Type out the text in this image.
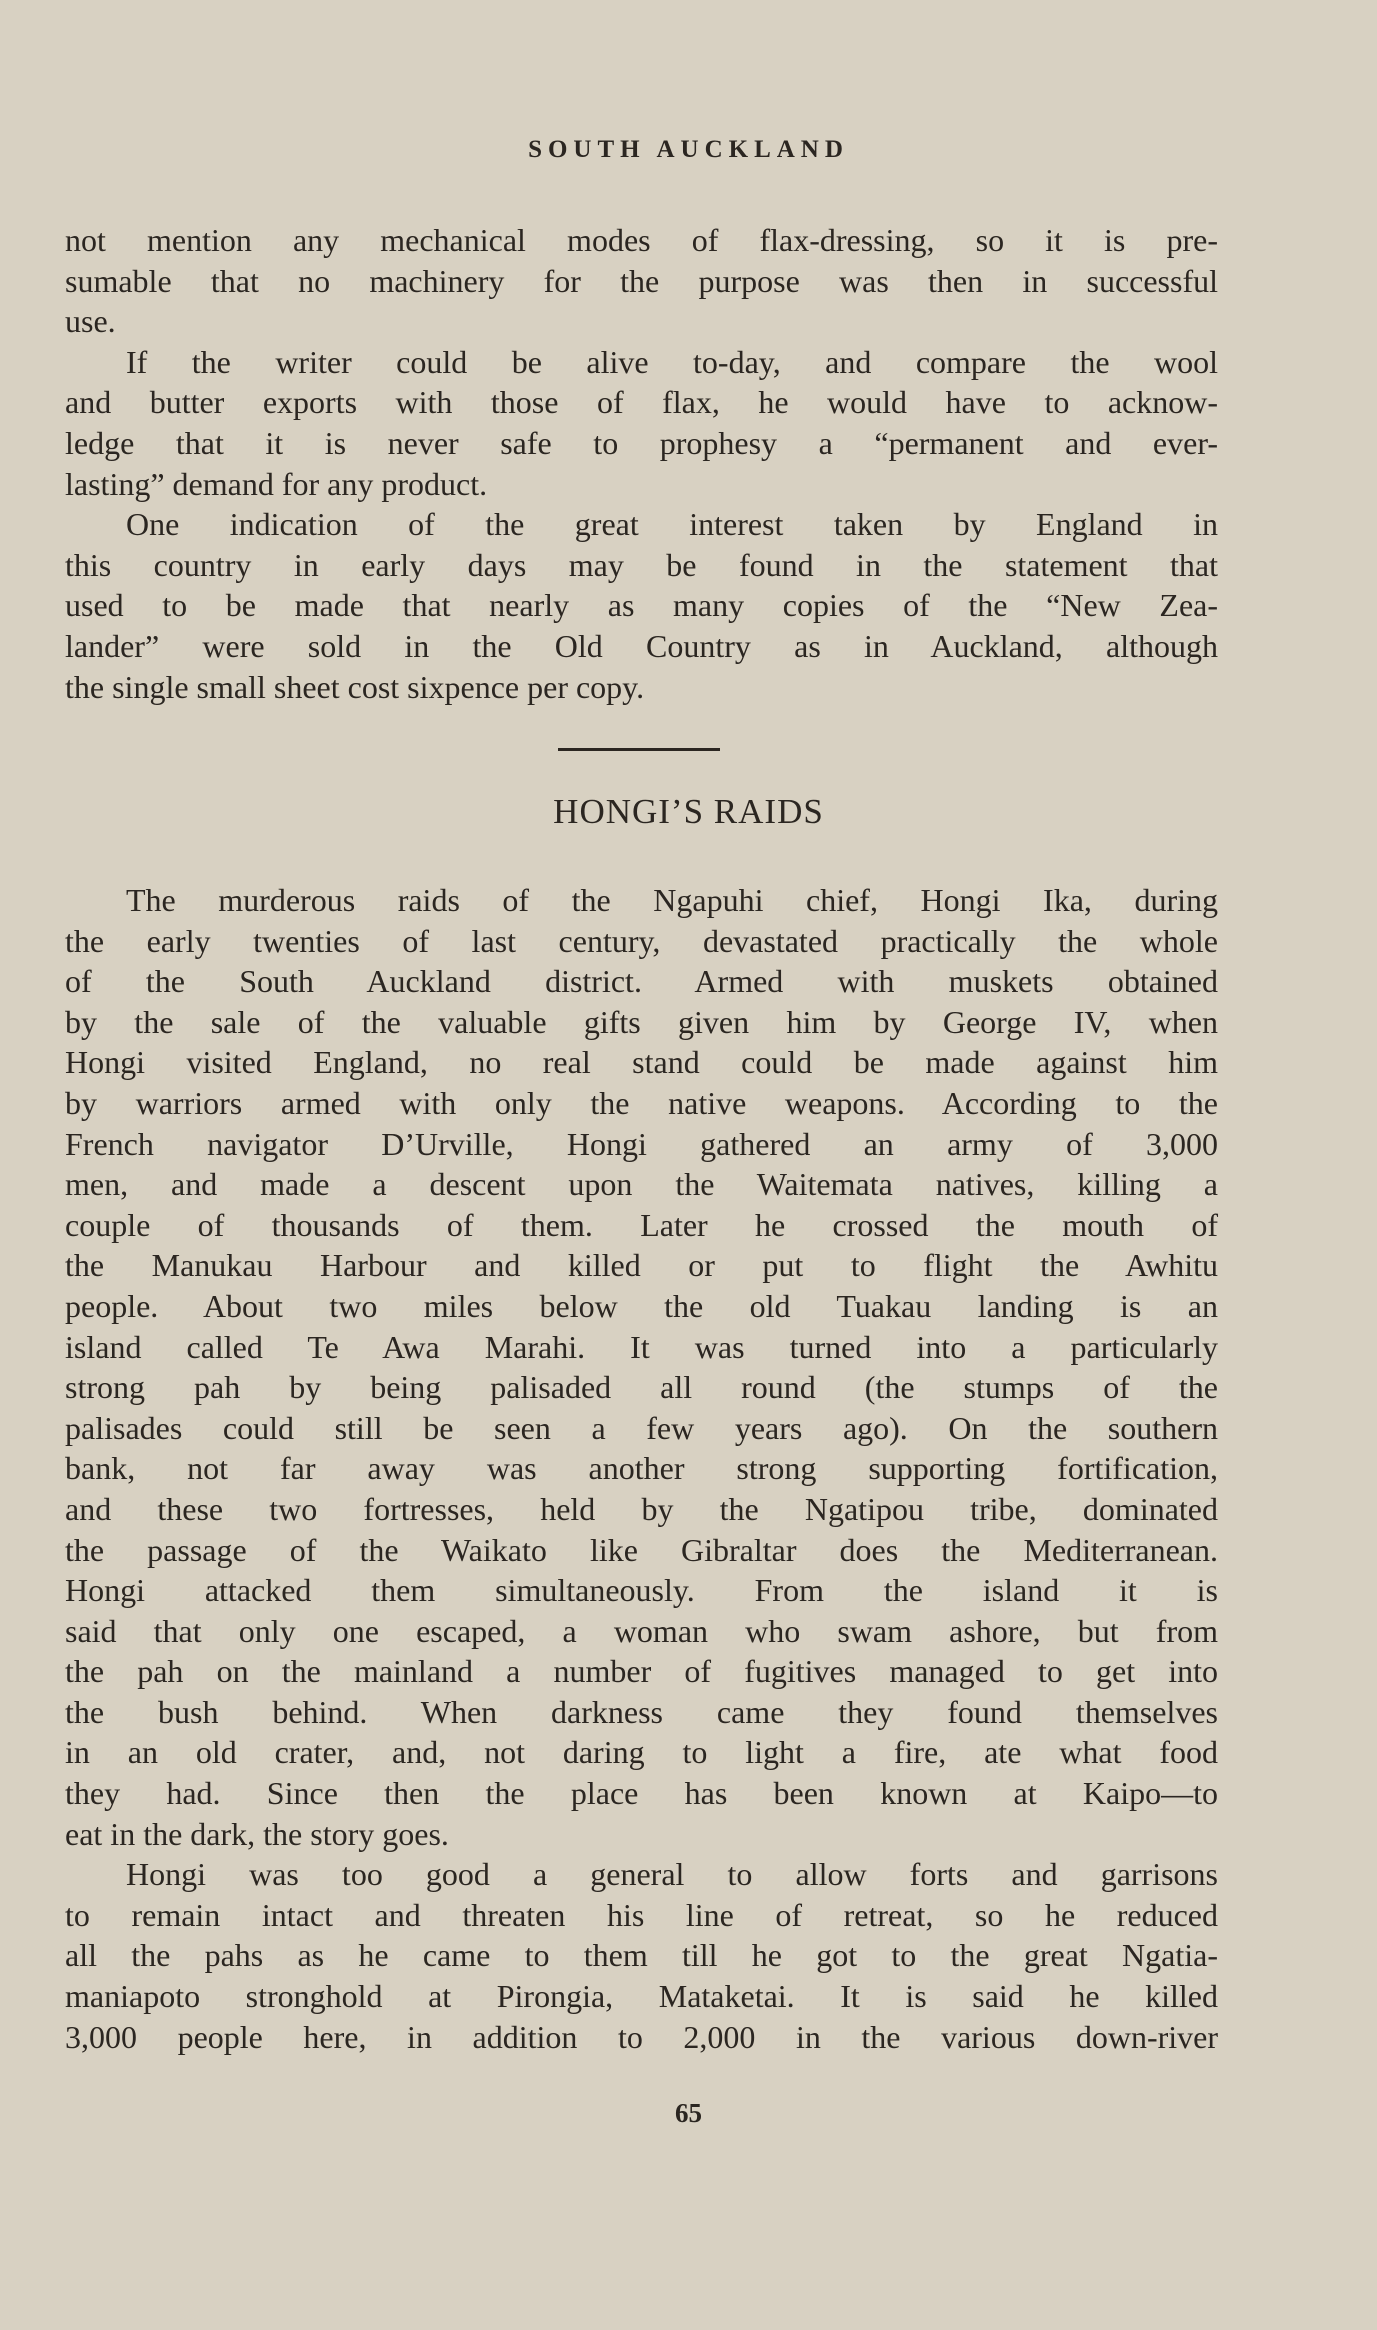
SOUTH AUCKLAND
not mention any mechanical modes of flax-dressing, so it is pre-
sumable that no machinery for the purpose was then in successful
use.
If the writer could be alive to-day, and compare the wool
and butter exports with those of flax, he would have to acknow-
ledge that it is never safe to prophesy a “permanent and ever-
lasting” demand for any product.
One indication of the great interest taken by England in
this country in early days may be found in the statement that
used to be made that nearly as many copies of the “New Zea-
lander” were sold in the Old Country as in Auckland, although
the single small sheet cost sixpence per copy.
HONGI’S RAIDS
The murderous raids of the Ngapuhi chief, Hongi Ika, during
the early twenties of last century, devastated practically the whole
of the South Auckland district. Armed with muskets obtained
by the sale of the valuable gifts given him by George IV, when
Hongi visited England, no real stand could be made against him
by warriors armed with only the native weapons. According to the
French navigator D’Urville, Hongi gathered an army of 3,000
men, and made a descent upon the Waitemata natives, killing a
couple of thousands of them. Later he crossed the mouth of
the Manukau Harbour and killed or put to flight the Awhitu
people. About two miles below the old Tuakau landing is an
island called Te Awa Marahi. It was turned into a particularly
strong pah by being palisaded all round (the stumps of the
palisades could still be seen a few years ago). On the southern
bank, not far away was another strong supporting fortification,
and these two fortresses, held by the Ngatipou tribe, dominated
the passage of the Waikato like Gibraltar does the Mediterranean.
Hongi attacked them simultaneously. From the island it is
said that only one escaped, a woman who swam ashore, but from
the pah on the mainland a number of fugitives managed to get into
the bush behind. When darkness came they found themselves
in an old crater, and, not daring to light a fire, ate what food
they had. Since then the place has been known at Kaipo—to
eat in the dark, the story goes.
Hongi was too good a general to allow forts and garrisons
to remain intact and threaten his line of retreat, so he reduced
all the pahs as he came to them till he got to the great Ngatia-
maniapoto stronghold at Pirongia, Mataketai. It is said he killed
3,000 people here, in addition to 2,000 in the various down-river
65
